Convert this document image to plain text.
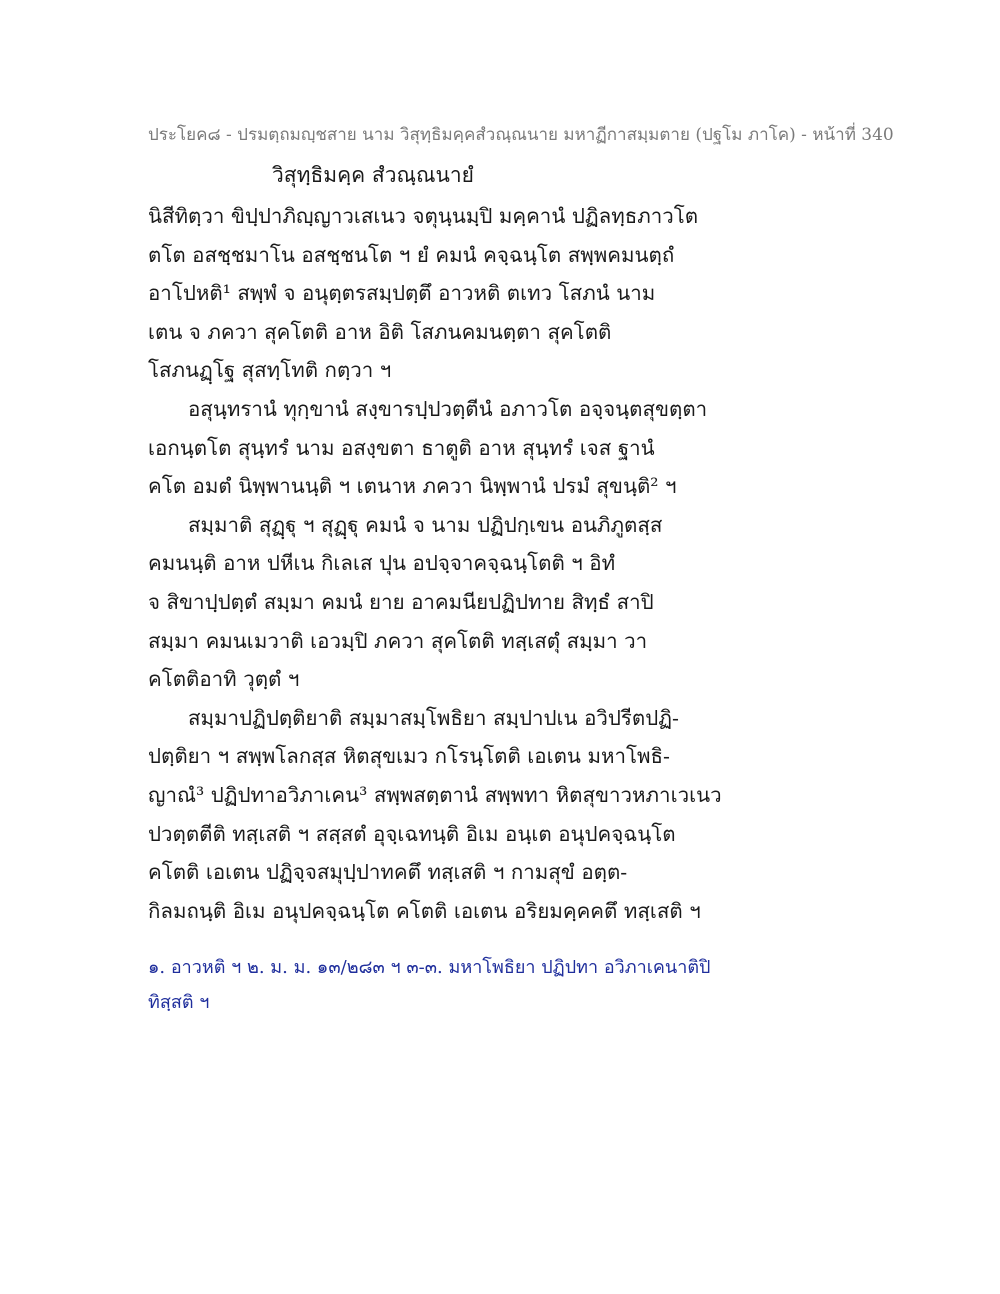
ประโยค๘ - ปรมตฺถมญฺชสาย นาม วิสุทฺธิมคฺคสํวณฺณนาย มหาฏีกาสมฺมตาย (ปฐโม ภาโค) - หน้าที่ 340
วิสุทฺธิมคฺค สํวณฺณนายํ
นิสีทิตฺวา ขิปฺปาภิญฺญาวเสเนว จตุนฺนมฺปิ มคฺคานํ ปฏิลทฺธภาวโต
ตโต อสชฺชมาโน อสชฺชนโต ฯ ยํ คมนํ คจฺฉนฺโต สพฺพคมนตฺถํ
อาโปหติ¹ สพฺพํ จ อนุตฺตรสมฺปตฺตึ อาวหติ ตเทว โสภนํ นาม
เตน จ ภควา สุคโตติ อาห อิติ โสภนคมนตฺตา สุคโตติ
โสภนฏฺโฐ สุสทฺโทติ กตฺวา ฯ
อสุนฺทรานํ ทุกฺขานํ สงฺขารปฺปวตฺตีนํ อภาวโต อจฺจนฺตสุขตฺตา
เอกนฺตโต สุนฺทรํ นาม อสงฺขตา ธาตูติ อาห สุนฺทรํ เจส ฐานํ
คโต อมตํ นิพฺพานนฺติ ฯ เตนาห ภควา นิพฺพานํ ปรมํ สุขนฺติ² ฯ
สมฺมาติ สุฏฺฐุ ฯ สุฏฺฐุ คมนํ จ นาม ปฏิปกฺเขน อนภิภูตสฺส
คมนนฺติ อาห ปหีเน กิเลเส ปุน อปจฺจาคจฺฉนฺโตติ ฯ อิทํ
จ สิขาปฺปตฺตํ สมฺมา คมนํ ยาย อาคมนียปฏิปทาย สิทฺธํ สาปิ
สมฺมา คมนเมวาติ เอวมฺปิ ภควา สุคโตติ ทสฺเสตุํ สมฺมา วา
คโตติอาทิ วุตฺตํ ฯ
สมฺมาปฏิปตฺติยาติ สมฺมาสมฺโพธิยา สมฺปาปเน อวิปรีตปฏิ-
ปตฺติยา ฯ สพฺพโลกสฺส หิตสุขเมว กโรนฺโตติ เอเตน มหาโพธิ-
ญาณํ³ ปฏิปทาอวิภาเคน³ สพฺพสตฺตานํ สพฺพทา หิตสุขาวหภาเวเนว
ปวตฺตตีติ ทสฺเสติ ฯ สสฺสตํ อุจฺเฉทนฺติ อิเม อนฺเต อนุปคจฺฉนฺโต
คโตติ เอเตน ปฏิจฺจสมุปฺปาทคตึ ทสฺเสติ ฯ กามสุขํ อตฺต-
กิลมถนฺติ อิเม อนุปคจฺฉนฺโต คโตติ เอเตน อริยมคฺคคตึ ทสฺเสติ ฯ
๑. อาวหติ ฯ ๒. ม. ม. ๑๓/๒๘๓ ฯ ๓-๓. มหาโพธิยา ปฏิปทา อวิภาเคนาติปิ
ทิสฺสติ ฯ
